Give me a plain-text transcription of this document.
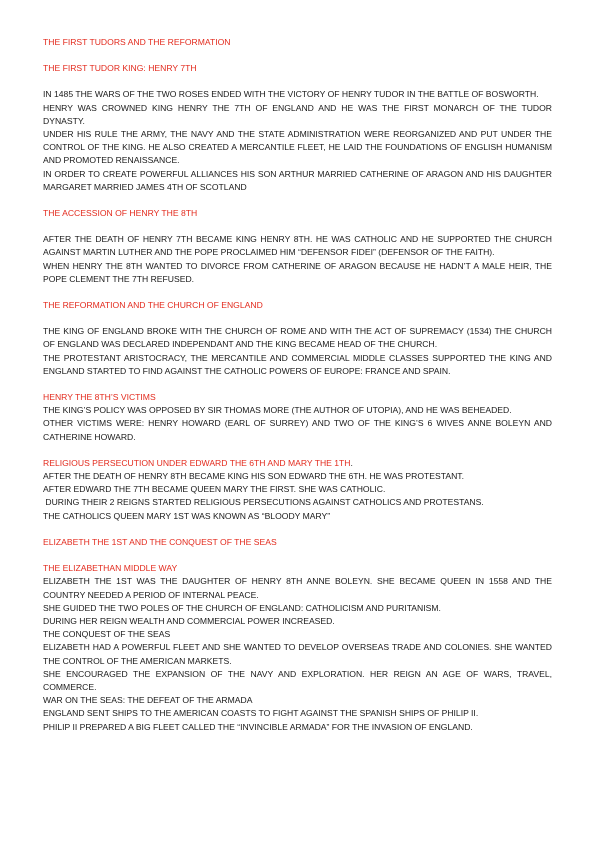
THE FIRST TUDORS AND THE REFORMATION

THE FIRST TUDOR KING: HENRY 7TH

IN 1485 THE WARS OF THE TWO ROSES ENDED WITH THE VICTORY OF HENRY TUDOR IN THE BATTLE OF BOSWORTH.

HENRY WAS CROWNED KING HENRY THE 7TH OF ENGLAND AND HE WAS THE FIRST MONARCH OF THE TUDOR DYNASTY.

UNDER HIS RULE THE ARMY, THE NAVY AND THE STATE ADMINISTRATION WERE REORGANIZED AND PUT UNDER THE CONTROL OF THE KING. HE ALSO CREATED A MERCANTILE FLEET, HE LAID THE FOUNDATIONS OF ENGLISH HUMANISM AND PROMOTED RENAISSANCE.

IN ORDER TO CREATE POWERFUL ALLIANCES HIS SON ARTHUR MARRIED CATHERINE OF ARAGON AND HIS DAUGHTER MARGARET MARRIED JAMES 4TH OF SCOTLAND

THE ACCESSION OF HENRY THE 8TH

AFTER THE DEATH OF HENRY 7TH BECAME KING HENRY 8TH. HE WAS CATHOLIC AND HE SUPPORTED THE CHURCH AGAINST MARTIN LUTHER AND THE POPE PROCLAIMED HIM “DEFENSOR FIDEI” (DEFENSOR OF THE FAITH).

WHEN HENRY THE 8TH WANTED TO DIVORCE FROM CATHERINE OF ARAGON BECAUSE HE HADN’T A MALE HEIR, THE POPE CLEMENT THE 7TH REFUSED.

THE REFORMATION AND THE CHURCH OF ENGLAND

THE KING OF ENGLAND BROKE WITH THE CHURCH OF ROME AND WITH THE ACT OF SUPREMACY (1534) THE CHURCH OF ENGLAND WAS DECLARED INDEPENDANT AND THE KING BECAME HEAD OF THE CHURCH.

THE PROTESTANT ARISTOCRACY, THE MERCANTILE AND COMMERCIAL MIDDLE CLASSES SUPPORTED THE KING AND ENGLAND STARTED TO FIND AGAINST THE CATHOLIC POWERS OF EUROPE: FRANCE AND SPAIN.

HENRY THE 8TH’S VICTIMS

THE KING’S POLICY WAS OPPOSED BY SIR THOMAS MORE (THE AUTHOR OF UTOPIA), AND HE WAS BEHEADED.

OTHER VICTIMS WERE: HENRY HOWARD (EARL OF SURREY) AND TWO OF THE KING’S 6 WIVES ANNE BOLEYN AND CATHERINE HOWARD.

RELIGIOUS PERSECUTION UNDER EDWARD THE 6TH AND MARY THE 1TH.

AFTER THE DEATH OF HENRY 8TH BECAME KING HIS SON EDWARD THE 6TH. HE WAS PROTESTANT.

AFTER EDWARD THE 7TH BECAME QUEEN MARY THE FIRST. SHE WAS CATHOLIC.

DURING THEIR 2 REIGNS STARTED RELIGIOUS PERSECUTIONS AGAINST CATHOLICS AND PROTESTANS.

THE CATHOLICS QUEEN MARY 1ST WAS KNOWN AS “BLOODY MARY”

ELIZABETH THE 1ST AND THE CONQUEST OF THE SEAS

THE ELIZABETHAN MIDDLE WAY

ELIZABETH THE 1ST WAS THE DAUGHTER OF HENRY 8TH ANNE BOLEYN. SHE BECAME QUEEN IN 1558 AND THE COUNTRY NEEDED A PERIOD OF INTERNAL PEACE.

SHE GUIDED THE TWO POLES OF THE CHURCH OF ENGLAND: CATHOLICISM AND PURITANISM.

DURING HER REIGN WEALTH AND COMMERCIAL POWER INCREASED.

THE CONQUEST OF THE SEAS

ELIZABETH HAD A POWERFUL FLEET AND SHE WANTED TO DEVELOP OVERSEAS TRADE AND COLONIES. SHE WANTED THE CONTROL OF THE AMERICAN MARKETS.

SHE ENCOURAGED THE EXPANSION OF THE NAVY AND EXPLORATION. HER REIGN AN AGE OF WARS, TRAVEL, COMMERCE.

WAR ON THE SEAS: THE DEFEAT OF THE ARMADA

ENGLAND SENT SHIPS TO THE AMERICAN COASTS TO FIGHT AGAINST THE SPANISH SHIPS OF PHILIP II.

PHILIP II PREPARED A BIG FLEET CALLED THE “INVINCIBLE ARMADA” FOR THE INVASION OF ENGLAND.
